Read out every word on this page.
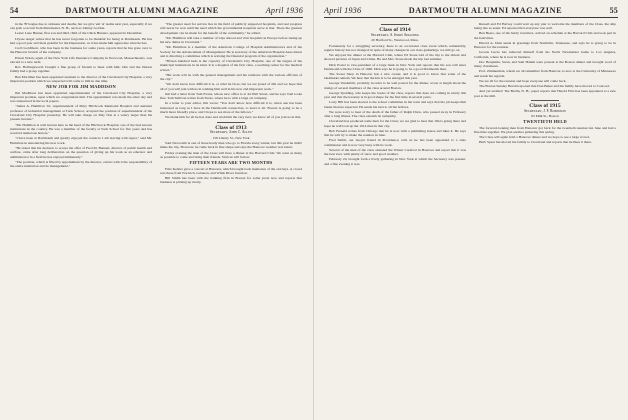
54	DARTMOUTH ALUMNI MAGAZINE	April 1936

in the 'B' league due to sickness and deaths, but we give 'em 'A' teams next year, especially if we can grab a recruit from Manchester, N. H., such as Johnny Gordon.

Lester Lane Hunter, first son and third child of the Chick Hunters, appeared in December.

Ulysse Auger writes that he has never forgotten to be thankful for being at Dartmouth. He has had a good year and feels grateful for the Depression, as it has made him appreciate what he has.

Cecil Goldthorn, who has been in the business for some years, reports that he has gone over to the Hanover branch of the company.

Ernest Nolan, agent of the New York Life Insurance Company in Norwood, Massachusetts, was elected to a new term.

Rev. Hollingsworth brought a fine group of friends to meet with him; Otis and the Nelson family had a group together.

Ben Mortimer has been appointed assistant to the director of the Cleveland City Hospital, a very important position which we suspected will come to him in due time.

NEW JOB FOR JIM MADDISON

Jim Maddison has been appointed superintendent of the Cleveland City Hospital, a very important position, upon which we congratulate him. The appointment was made the other day and was announced in the local papers.

"James A. Hamilton '10, superintendent of Mary Hitchcock Memorial Hospital and assistant professor of industrial management at Tuck School, accepted the position of superintendent of the Cleveland City Hospital yesterday. He will take charge on May first at a salary larger than his present income."

"Mr. Hamilton is well known here as the head of the Hitchcock Hospital, one of the best known institutions in the country. He was a member of the faculty at Tuck School for five years and has received numerous honors."

"I have been at Dartmouth and greatly enjoyed the contacts. I am leaving with regret," said Mr. Hamilton in announcing his new work.

"He stated that his decision to accept the offer of Fred M. Bennett, director of public health and welfare, came after long deliberation on the question of giving up his work as an educator and administrator in a field he has enjoyed immensely."

"The position, which is filled by appointment by the director, carries with it the responsibility of the entire institution and its management."

"The greater need for service lies in the field of publicly supported hospitals, and real progress will never be won until the need which the governmental hospitals serve is met. There the greatest development can be made for the benefit of the community," he added.

"Mr. Hamilton will take a number of trips abroad and visit hospitals in Europe before taking up his new duties in Cleveland."

"Mr. Hamilton is a member of the American College of Hospital Administrators and of the Society for the Advancement of Management. He is secretary of the American Hospital Association and is directing a committee which is revising the financial program of the organization."

"Fifteen hundred beds is the capacity of Cleveland's City Hospital, one of the largest of the municipal institutions in its kind. It is a hospital of the first class, a teaching center for the medical school."

"His work will be with the general management and his relations with the various officials of the city."

"We don't know how difficult it is, or what he faces, but we are proud of Jim and we hope that all of you will join with us in wishing him well in his new and important work."

Jim had a letter from Tom Evans, whose new office is at 44 Wall Street, and he says Tom looks fine. Tom Sullivan writes from Texas, where he is with a large oil company.

In a letter to your editor, Jim wrote: "You don't know how difficult it is, when one has been interested as long as I have in the Dartmouth connection, to leave it all. Boston is going to be a much more friendly place, and I hope to see more of the fellows."

We thank him for all he has done and wish him the very best; we know all of you join us in this.

Class of 1913

Secretary, John C. Allen

158 Liberty St., New York

Said Newcomb is one of those hardy men who go to Florida every winter, but this year he didn't make the trip. However, he came back in fine shape and says the Hanover weather was better.

Friday evening the men of the Class will have a dinner at the Harvard Club. We want as many as possible to come and bring their friends. Notices will follow.

FIFTEEN YEARS ARE TWO MONTHS

Fritz Keisler gave a concert at Hanover, which brought back memories of the old days. A crowd was there from Norwich, Lebanon, and White River Junction.

Bill Smith has been with the banking firm in Boston for some years now and reports that business is picking up nicely.

April 1936	DARTMOUTH ALUMNI MAGAZINE	55

Class of 1914

Secretary, S. Jerry Spalding

20 Hartford St., Westwood, Mass.

Fortunately for a struggling secretary, there is an occasional class event which, remarkably, regular history has not changed; in spite of many changes in our class gatherings, we still go on.

We enjoyed the dinner at the Harvard Club, where Ed Stone told of his trip to the Orient and showed pictures of Japan and China. He and Mrs. Stone made the trip last summer.

Dick Porter is vice-president of a large bank in New York and reports that his son will enter Dartmouth with the Class of 1940. Dick says he is going to be a good Dartmouth man.

The Sweet Shop in Hanover has a new owner, and it is good to know that some of the landmarks remain. We hear that the Inn is to be enlarged this year.

George Vanderbilt, probably in order to be well posted for the dinner, wrote at length about the doings of several members of the class around Boston.

George Spalding, who keeps the books of the class, reports that dues are coming in nicely this year and that the treasury is in good shape for the first time in several years.

Larry Hill has been elected to the school committee in his town and says that the job keeps him busier than he expected. He sends his best to all the fellows.

We were sorry to hear of the death of the father of Ralph Drew, who passed away in February after a long illness. The class extends its sympathy.

Cleveland has produced some men for the Class; we are glad to hear that Jim is going there and hope he will look up the 1914 men in that city.

Bob Fernald writes from Chicago that he is now with a publishing house and likes it. He says that he will try to make the reunion in June.

Fred Smith, our lawyer friend in Providence, tells us he has been appointed to a state commission and is now very busy with its work.

Several of the men of the class attended the Winter Carnival in Hanover and report that it was the best ever, with plenty of snow and good weather.

February 24, brought forth a lively gathering in New York at which the Secretary was present, and a fine evening it was.

Russell and Ed Harvey could wait up any pier to welcome the members of the Class, the ship being late as usual. Ed reported that everyone was well.

Ben Bears, one of the hardy travellers, arrived on schedule at the Harvard Club and took part in the festivities.

Harold A. Dam sends in greetings from Nashville, Tennessee, and says he is going to be in Hanover for the reunion.

Gowns Lucas has removed himself from his North Newmarket home to Los Angeles, California, where he is now in business.

Doc Benjamin, Swan, and Sam Hamm were present at the Boston dinner and brought word of many classmates.

Prof. Zimmerman, whom we all remember from Hanover, is now at the University of Minnesota and sends his regards.

We are all for the reunion and hope everyone will come back.

The Boston Sunday Herald reported that Don Baker and his family have moved to Concord.

And yet another! The Berlin, N. H., paper reports that Harold Fitts has been appointed to a new post at the mill.

Class of 1915

Secretary, J. F. Robinson

65 Milk St., Boston

TWENTIETH HELD

The forward-looking men from Hanover got back for the twentieth reunion last June and had a fine time together. We plan another gathering this spring.

The Class will again hold a Hanover dinner and we hope to see a large crowd.

Herb Spear has moved his family to Cleveland and reports that he likes it there.
